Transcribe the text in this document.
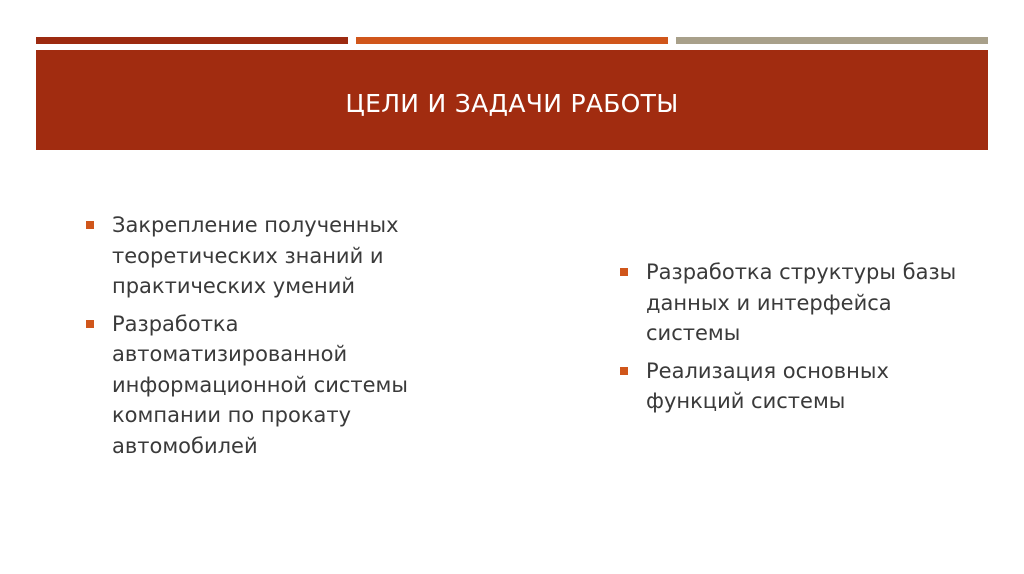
ЦЕЛИ И ЗАДАЧИ РАБОТЫ
Закрепление полученных теоретических знаний и практических умений
Разработка автоматизированной информационной системы компании по прокату автомобилей
Разработка структуры базы данных и интерфейса системы
Реализация основных функций системы
